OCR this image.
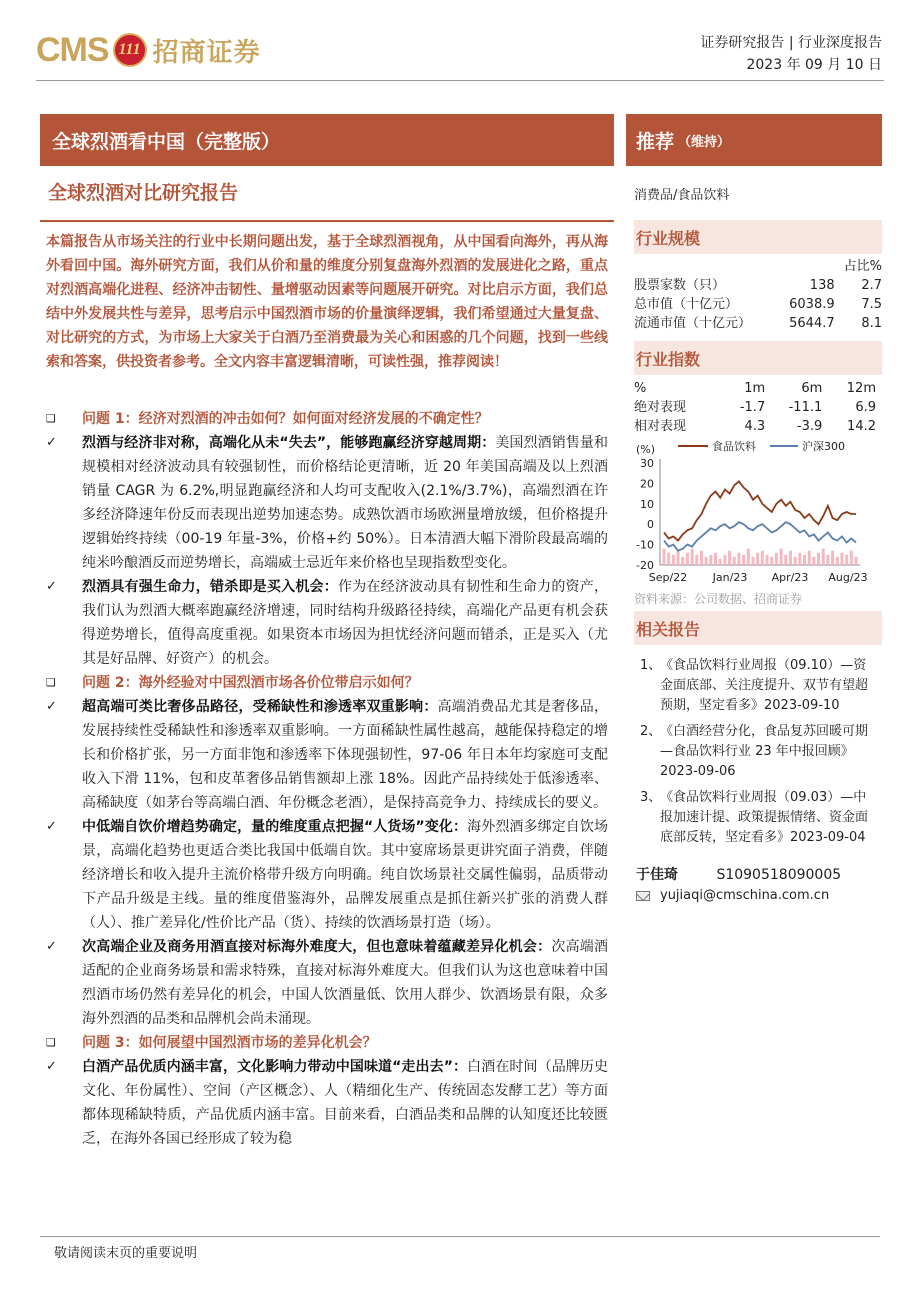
CMS 111 招商证券	证券研究报告 | 行业深度报告
2023 年 09 月 10 日
全球烈酒看中国（完整版）	推荐 （维持）
全球烈酒对比研究报告
本篇报告从市场关注的行业中长期问题出发，基于全球烈酒视角，从中国看向海外，再从海外看回中国。海外研究方面，我们从价和量的维度分别复盘海外烈酒的发展进化之路，重点对烈酒高端化进程、经济冲击韧性、量增驱动因素等问题展开研究。对比启示方面，我们总结中外发展共性与差异，思考启示中国烈酒市场的价量演绎逻辑，我们希望通过大量复盘、对比研究的方式，为市场上大家关于白酒乃至消费最为关心和困惑的几个问题，找到一些线索和答案，供投资者参考。全文内容丰富逻辑清晰，可读性强，推荐阅读！
❑	问题 1：经济对烈酒的冲击如何？如何面对经济发展的不确定性？
✓	烈酒与经济非对称，高端化从未“失去”，能够跑赢经济穿越周期：美国烈酒销售量和规模相对经济波动具有较强韧性，而价格结论更清晰，近 20 年美国高端及以上烈酒销量 CAGR 为 6.2%,明显跑赢经济和人均可支配收入(2.1%/3.7%)，高端烈酒在许多经济降速年份反而表现出逆势加速态势。成熟饮酒市场欧洲量增放缓，但价格提升逻辑始终持续（00-19 年量-3%，价格+约 50%）。日本清酒大幅下滑阶段最高端的纯米吟酿酒反而逆势增长，高端威士忌近年来价格也呈现指数型变化。
✓	烈酒具有强生命力，错杀即是买入机会：作为在经济波动具有韧性和生命力的资产，我们认为烈酒大概率跑赢经济增速，同时结构升级路径持续，高端化产品更有机会获得逆势增长，值得高度重视。如果资本市场因为担忧经济问题而错杀，正是买入（尤其是好品牌、好资产）的机会。
❑	问题 2：海外经验对中国烈酒市场各价位带启示如何？
✓	超高端可类比奢侈品路径，受稀缺性和渗透率双重影响：高端消费品尤其是奢侈品，发展持续性受稀缺性和渗透率双重影响。一方面稀缺性属性越高，越能保持稳定的增长和价格扩张，另一方面非饱和渗透率下体现强韧性，97-06 年日本年均家庭可支配收入下滑 11%，包和皮革奢侈品销售额却上涨 18%。因此产品持续处于低渗透率、高稀缺度（如茅台等高端白酒、年份概念老酒），是保持高竞争力、持续成长的要义。
✓	中低端自饮价增趋势确定，量的维度重点把握“人货场”变化：海外烈酒多绑定自饮场景，高端化趋势也更适合类比我国中低端自饮。其中宴席场景更讲究面子消费，伴随经济增长和收入提升主流价格带升级方向明确。纯自饮场景社交属性偏弱，品质带动下产品升级是主线。量的维度借鉴海外，品牌发展重点是抓住新兴扩张的消费人群（人）、推广差异化/性价比产品（货）、持续的饮酒场景打造（场）。
✓	次高端企业及商务用酒直接对标海外难度大，但也意味着蕴藏差异化机会：次高端酒适配的企业商务场景和需求特殊，直接对标海外难度大。但我们认为这也意味着中国烈酒市场仍然有差异化的机会，中国人饮酒量低、饮用人群少、饮酒场景有限，众多海外烈酒的品类和品牌机会尚未涌现。
❑	问题 3：如何展望中国烈酒市场的差异化机会？
✓	白酒产品优质内涵丰富，文化影响力带动中国味道“走出去”：白酒在时间（品牌历史文化、年份属性）、空间（产区概念）、人（精细化生产、传统固态发酵工艺）等方面都体现稀缺特质，产品优质内涵丰富。目前来看，白酒品类和品牌的认知度还比较匮乏，在海外各国已经形成了较为稳
消费品/食品饮料
行业规模
		占比%
股票家数（只）	138	2.7
总市值（十亿元）	6038.9	7.5
流通市值（十亿元）	5644.7	8.1
行业指数
%	1m	6m	12m
绝对表现	-1.7	-11.1	6.9
相对表现	4.3	-3.9	14.2
(%)
30
20
10
0
-10
-20
Sep/22 Jan/23 Apr/23 Aug/23
食品饮料	沪深300
资料来源：公司数据、招商证券
相关报告
1、
《食品饮料行业周报（09.10）—资金面底部、关注度提升、双节有望超预期，坚定看多》2023-09-10
2、
《白酒经营分化，食品复苏回暖可期—食品饮料行业 23 年中报回顾》2023-09-06
3、
《食品饮料行业周报（09.03）—中报加速计提、政策提振情绪、资金面底部反转，坚定看多》2023-09-04
于佳琦	S1090518090005
yujiaqi@cmschina.com.cn
敬请阅读末页的重要说明
